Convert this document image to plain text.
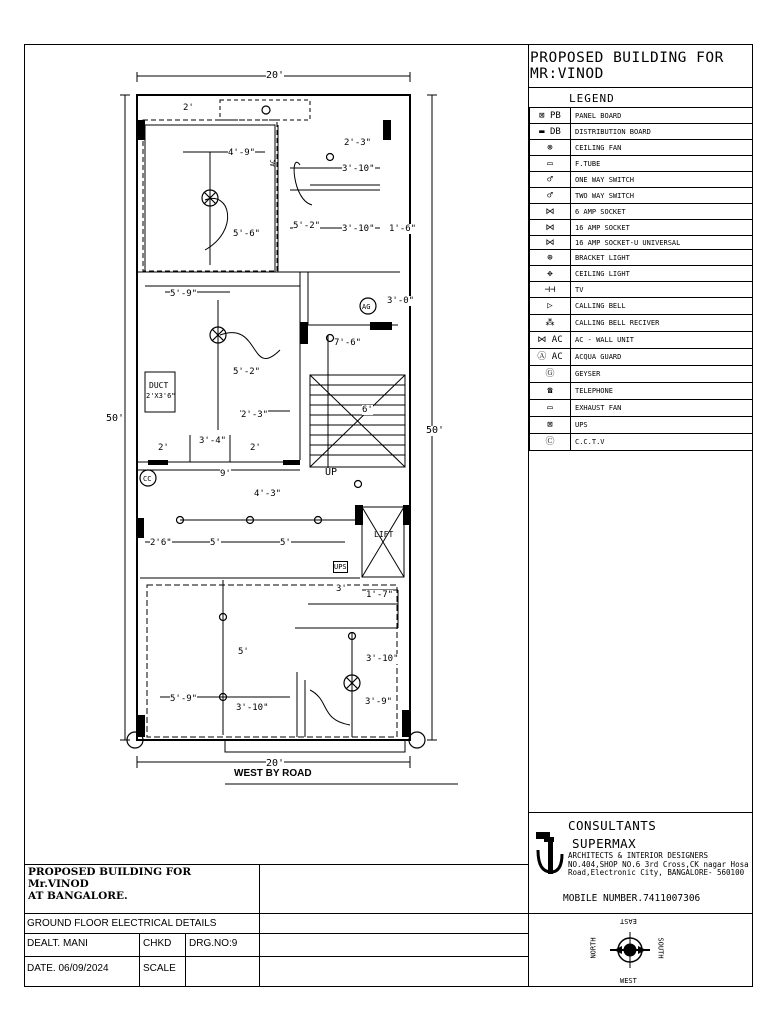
PROPOSED BUILDING FOR MR:VINOD
LEGEND
⊠ PB	PANEL BOARD
▬ DB	DISTRIBUTION BOARD
⊗	CEILING FAN
▭	F.TUBE
♂	ONE WAY SWITCH
♂	TWO WAY SWITCH
⋈	6 AMP SOCKET
⋈	16 AMP SOCKET
⋈	16 AMP SOCKET-U UNIVERSAL
⊕	BRACKET LIGHT
✥	CEILING LIGHT
⊣⊣	TV
▷	CALLING BELL
⁂	CALLING BELL RECIVER
⋈ AC	AC - WALL UNIT
Ⓐ AC	ACQUA GUARD
Ⓖ	GEYSER
☎	TELEPHONE
▭	EXHAUST FAN
⊠	UPS
Ⓒ	C.C.T.V
CONSULTANTS
SUPERMAX
ARCHITECTS & INTERIOR DESIGNERS NO.404,SHOP NO.6 3rd Cross,CK nagar Hosa Road,Electronic City, BANGALORE- 560100
MOBILE NUMBER.7411007306
EAST
WEST
NORTH	SOUTH
PROPOSED BUILDING FOR
Mr.VINOD
AT BANGALORE.
GROUND FLOOR ELECTRICAL DETAILS
DEALT. MANI	CHKD DRG.NO:9
DATE. 06/09/2024	SCALE
20'
20'
50'
50'
WEST BY ROAD
UP
DUCT
2'X3'6"
LIFT
UPS
AG
CC
AC
2'
4'-9"
2'-3"
3'-10"
5'-2" 3'-10" 1'-6"
5'-6"
5'-9"
3'-0"
7'-6"
5'-2"
2'-3"	6'
3'-4"
2'	2'
9'
4'-3"
2'6"	5'	5'
3'
1'-7"
5'
3'-10"
5'-9"
3'-10"
3'-9"
